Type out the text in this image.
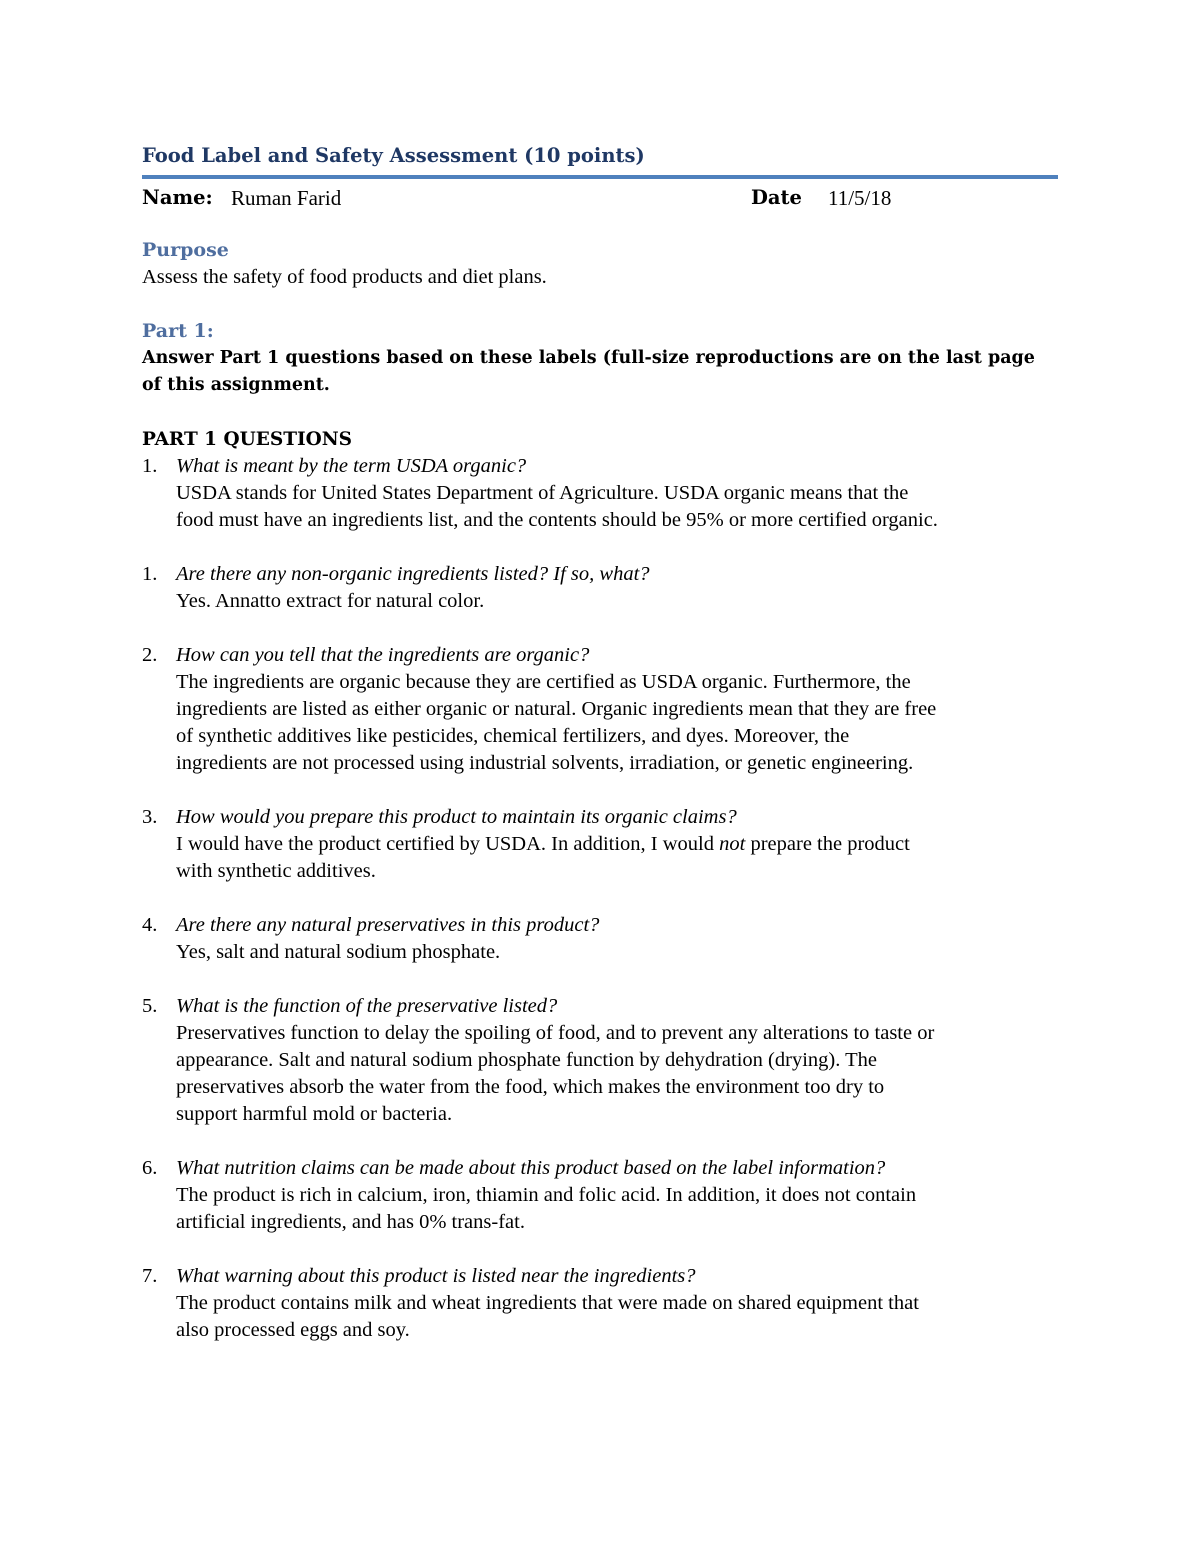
Food Label and Safety Assessment (10 points)
Name: Ruman Farid	Date 11/5/18
Purpose
Assess the safety of food products and diet plans.
Part 1:
Answer Part 1 questions based on these labels (full-size reproductions are on the last page
of this assignment.
PART 1 QUESTIONS
1. What is meant by the term USDA organic?
USDA stands for United States Department of Agriculture. USDA organic means that the
food must have an ingredients list, and the contents should be 95% or more certified organic.
1. Are there any non-organic ingredients listed? If so, what?
Yes. Annatto extract for natural color.
2. How can you tell that the ingredients are organic?
The ingredients are organic because they are certified as USDA organic. Furthermore, the
ingredients are listed as either organic or natural. Organic ingredients mean that they are free
of synthetic additives like pesticides, chemical fertilizers, and dyes. Moreover, the
ingredients are not processed using industrial solvents, irradiation, or genetic engineering.
3. How would you prepare this product to maintain its organic claims?
I would have the product certified by USDA. In addition, I would not prepare the product
with synthetic additives.
4. Are there any natural preservatives in this product?
Yes, salt and natural sodium phosphate.
5. What is the function of the preservative listed?
Preservatives function to delay the spoiling of food, and to prevent any alterations to taste or
appearance. Salt and natural sodium phosphate function by dehydration (drying). The
preservatives absorb the water from the food, which makes the environment too dry to
support harmful mold or bacteria.
6. What nutrition claims can be made about this product based on the label information?
The product is rich in calcium, iron, thiamin and folic acid. In addition, it does not contain
artificial ingredients, and has 0% trans-fat.
7. What warning about this product is listed near the ingredients?
The product contains milk and wheat ingredients that were made on shared equipment that
also processed eggs and soy.
